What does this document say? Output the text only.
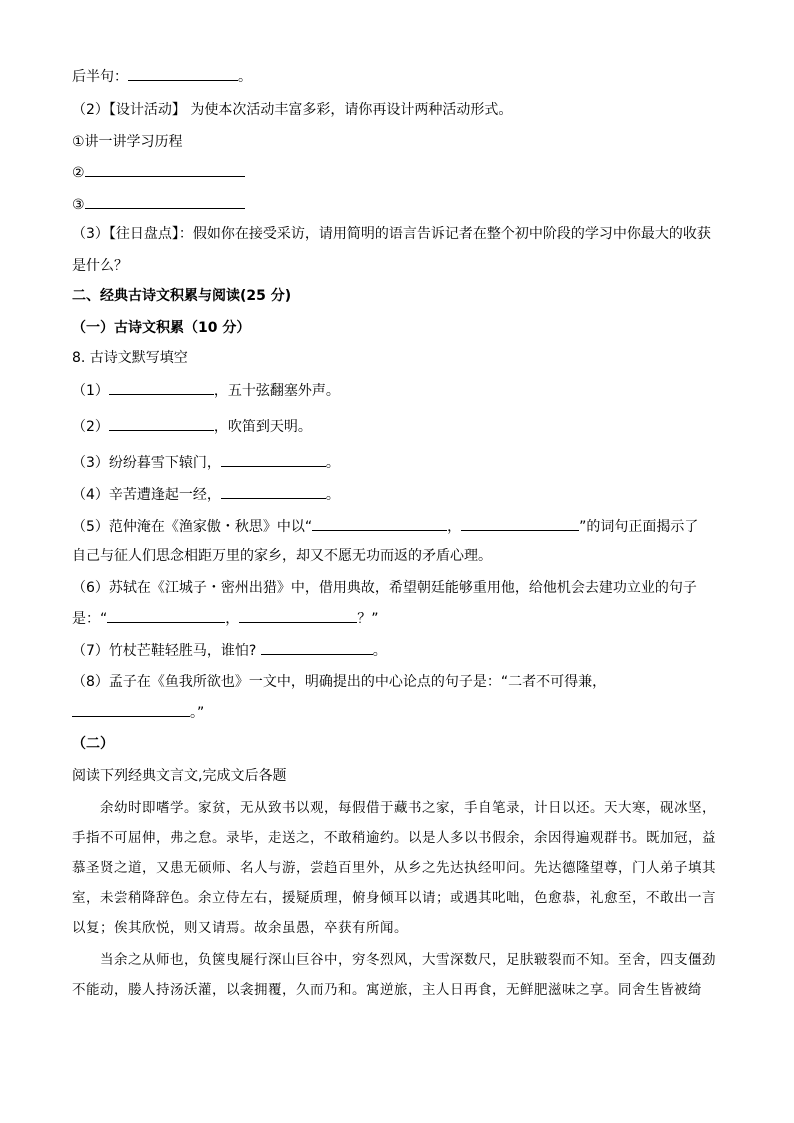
后半句：	。
（2）【设计活动】 为使本次活动丰富多彩，请你再设计两种活动形式。
①讲一讲学习历程
②
③
（3）【往日盘点】：假如你在接受采访，请用简明的语言告诉记者在整个初中阶段的学习中你最大的收获
是什么？
二、经典古诗文积累与阅读(25 分)
（一）古诗文积累（10 分）
8. 古诗文默写填空
（1）	，五十弦翻塞外声。
（2）	，吹笛到天明。
（3）纷纷暮雪下辕门，	。
（4）辛苦遭逢起一经，	。
（5）范仲淹在《渔家傲・秋思》中以“	，	”的词句正面揭示了
自己与征人们思念相距万里的家乡，却又不愿无功而返的矛盾心理。
（6）苏轼在《江城子・密州出猎》中，借用典故，希望朝廷能够重用他，给他机会去建功立业的句子
是：“	，	？”
（7）竹杖芒鞋轻胜马，谁怕?	。
（8）孟子在《鱼我所欲也》一文中，明确提出的中心论点的句子是：“二者不可得兼，
。”
（二）
阅读下列经典文言文,完成文后各题
余幼时即嗜学。家贫，无从致书以观，每假借于藏书之家，手自笔录，计日以还。天大寒，砚冰坚，
手指不可屈伸，弗之怠。录毕，走送之，不敢稍逾约。以是人多以书假余，余因得遍观群书。既加冠，益
慕圣贤之道，又患无硕师、名人与游，尝趋百里外，从乡之先达执经叩问。先达德隆望尊，门人弟子填其
室，未尝稍降辞色。余立侍左右，援疑质理，俯身倾耳以请；或遇其叱咄，色愈恭，礼愈至，不敢出一言
以复；俟其欣悦，则又请焉。故余虽愚，卒获有所闻。
当余之从师也，负箧曳屣行深山巨谷中，穷冬烈风，大雪深数尺，足肤皲裂而不知。至舍，四支僵劲
不能动，媵人持汤沃灌，以衾拥覆，久而乃和。寓逆旅，主人日再食，无鲜肥滋味之享。同舍生皆被绮
